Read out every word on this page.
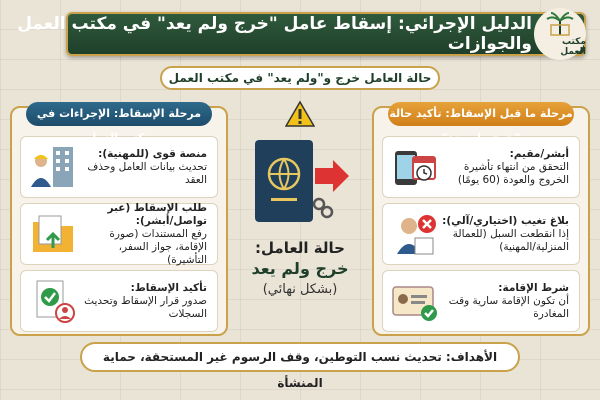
الدليل الإجرائي: إسقاط عامل "خرج ولم يعد" في مكتب العمل والجوازات	مكتب العمل
حالة العامل خرج و"ولم يعد" في مكتب العمل
مرحلة ما قبل الإسقاط: تأكيد حالة "خرج ولم يعد"
أبشر/مقيم:
التحقق من انتهاء تأشيرة الخروج والعودة (60 يومًا)
بلاغ تغيب (اختياري/آلي):
إذا انقطعت السبل (للعمالة المنزلية/المهنية)
شرط الإقامة:
أن تكون الإقامة سارية وقت المغادرة
مرحلة الإسقاط: الإجراءات في مكتب العمل
منصة قوى (للمهنية):
تحديث بيانات العامل وحذف العقد
طلب الإسقاط (عبر تواصل/أبشر):
رفع المستندات (صورة الإقامة، جواز السفر، التأشيرة)
تأكيد الإسقاط:
صدور قرار الإسقاط وتحديث السجلات
حالة العامل:
خرج ولم يعد
(بشكل نهائي)
الأهداف: تحديث نسب التوطين، وقف الرسوم غير المستحقة، حماية المنشأة
